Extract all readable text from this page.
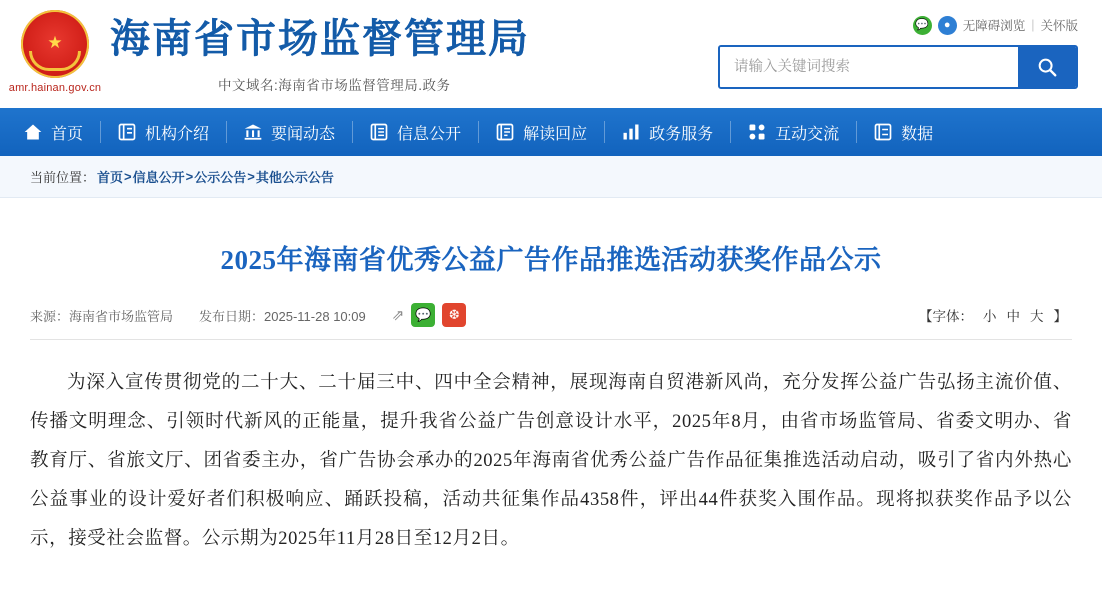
★
amr.hainan.gov.cn
海南省市场监督管理局
中文域名:海南省市场监督管理局.政务
💬	● 无障碍浏览 | 关怀版
请输入关键词搜索
首页	机构介绍	要闻动态	信息公开	解读回应	政务服务	互动交流	数据
当前位置： 首页 > 信息公开 > 公示公告 > 其他公示公告
2025年海南省优秀公益广告作品推选活动获奖作品公示
来源：海南省市场监管局 发布日期：2025-11-28 10:09 ⇗ 💬	❆	【字体： 小 中 大 】

为深入宣传贯彻党的二十大、二十届三中、四中全会精神，展现海南自贸港新风尚，充分发挥公益广告弘扬主流价值、传播文明理念、引领时代新风的正能量，提升我省公益广告创意设计水平，2025年8月，由省市场监管局、省委文明办、省教育厅、省旅文厅、团省委主办，省广告协会承办的2025年海南省优秀公益广告作品征集推选活动启动，吸引了省内外热心公益事业的设计爱好者们积极响应、踊跃投稿，活动共征集作品4358件，评出44件获奖入围作品。现将拟获奖作品予以公示，接受社会监督。公示期为2025年11月28日至12月2日。
